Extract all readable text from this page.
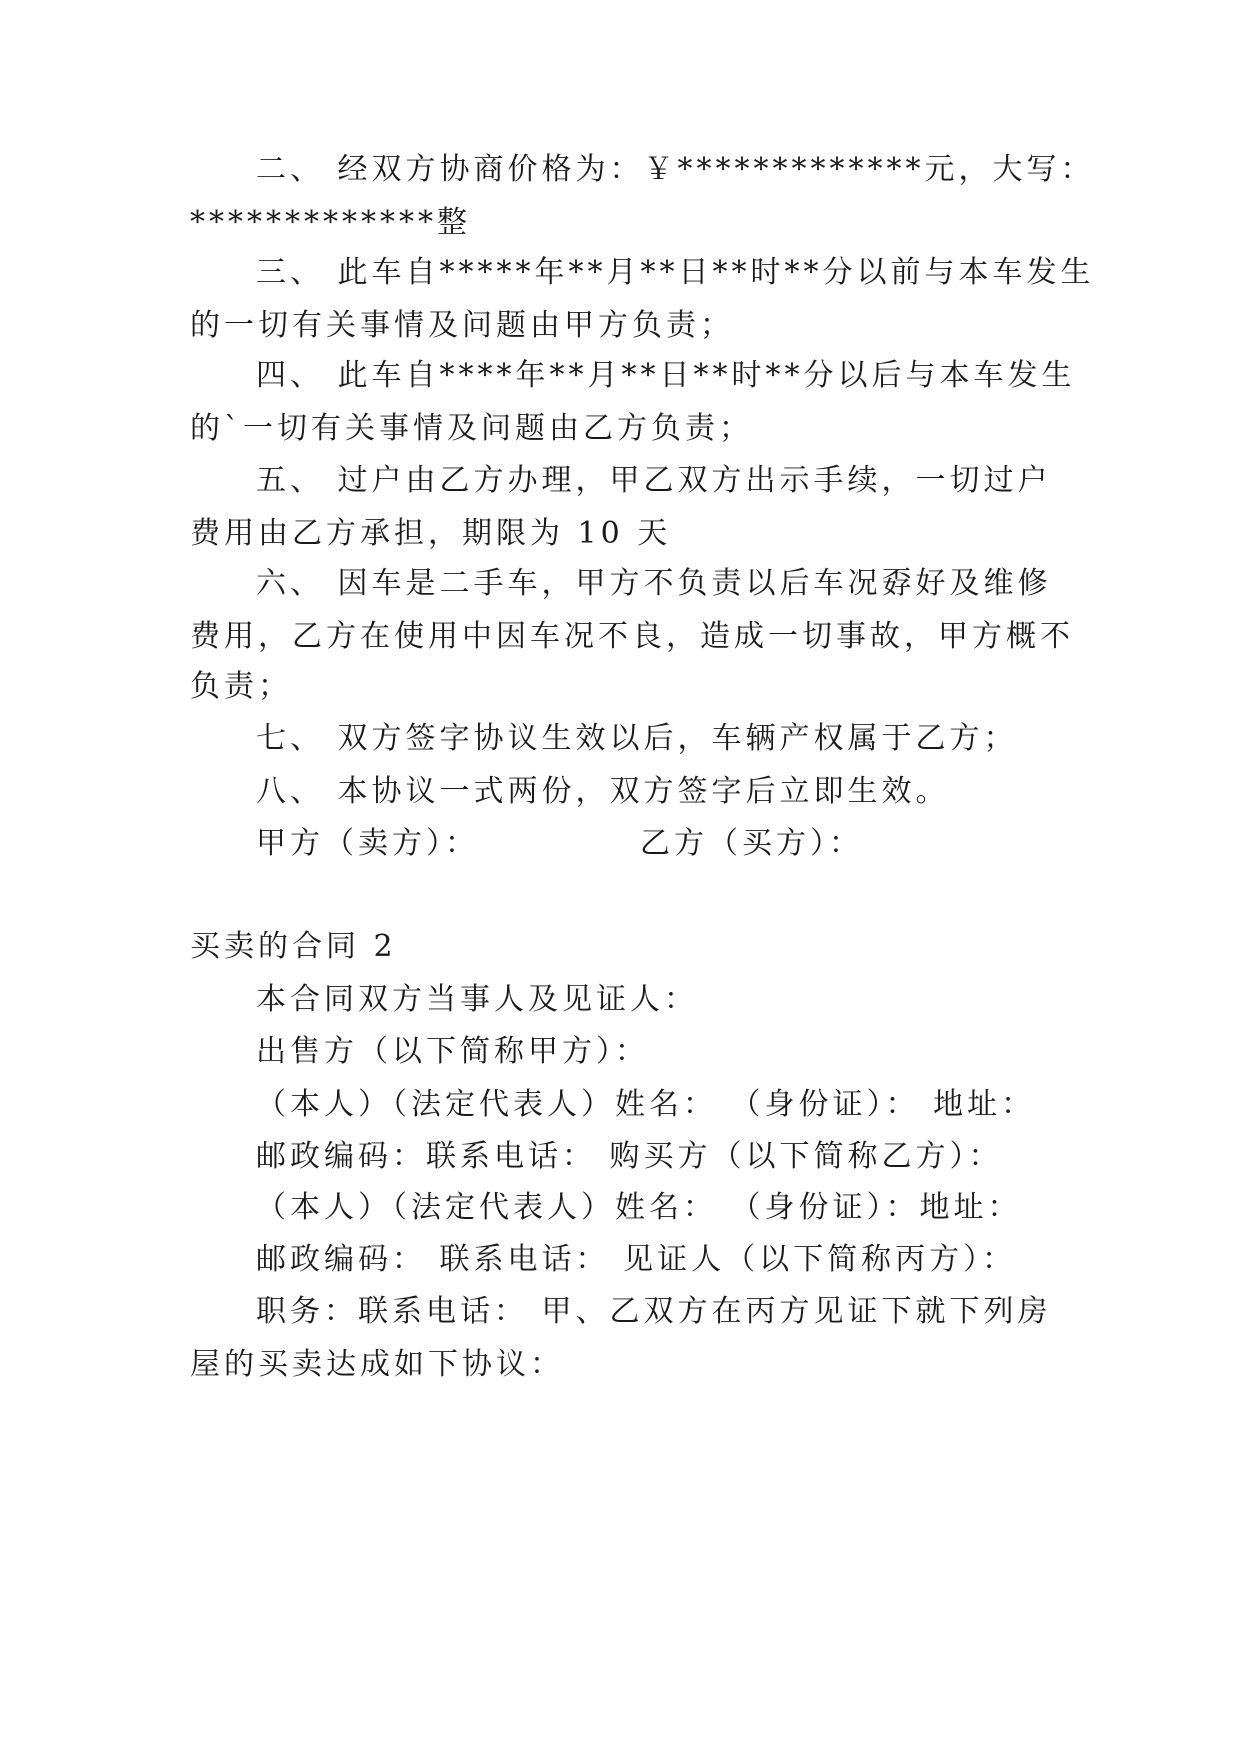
二、 经双方协商价格为：￥*************元，大写：
*************整
三、 此车自*****年**月**日**时**分以前与本车发生
的一切有关事情及问题由甲方负责；
四、 此车自****年**月**日**时**分以后与本车发生
的`一切有关事情及问题由乙方负责；
五、 过户由乙方办理，甲乙双方出示手续，一切过户
费用由乙方承担，期限为 10 天
六、 因车是二手车，甲方不负责以后车况孬好及维修
费用，乙方在使用中因车况不良，造成一切事故，甲方概不
负责；
七、 双方签字协议生效以后，车辆产权属于乙方；
八、 本协议一式两份，双方签字后立即生效。
甲方（卖方）：	乙方（买方）：
买卖的合同 2
本合同双方当事人及见证人：
出售方（以下简称甲方）：
（本人）（法定代表人）姓名： （身份证）： 地址：
邮政编码：联系电话： 购买方（以下简称乙方）：
（本人）（法定代表人）姓名： （身份证）：地址：
邮政编码： 联系电话： 见证人（以下简称丙方）：
职务：联系电话： 甲、乙双方在丙方见证下就下列房
屋的买卖达成如下协议：
